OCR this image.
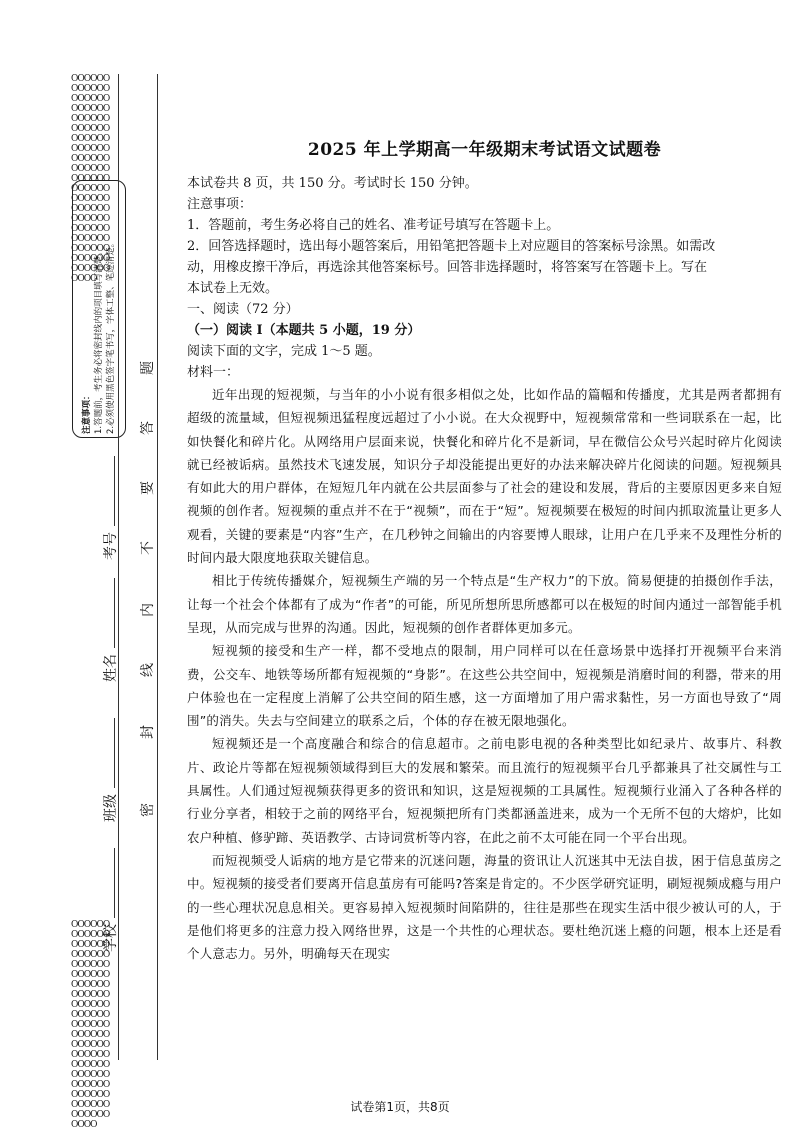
OOOOOOOOOOOOOOOOOOOOOOOOOOOOOOOOOOOOOOOOOOOOOOOOOOOOOOOOOOOOOOOOOOOOOOOOOOOOOOOOOOOOOOOOOOOOOOOOOOOOOOOOOOOOOOOOOOOOOOOOOOOO
注意事项： 1.答题前，考生务必将密封线内的项目填写清楚。 2.必须使用黑色签字笔书写，字体工整、笔迹清楚。
学校
班级
姓名
考号
密
封
线
内
不
要
答
题
OOOOOOOOOOOOOOOOOOOOOOOOOOOOOOOOOOOOOOOOOOOOOOOOOOOOOOOOOOOOOOOOOOOOOOOOOOOOOOOOOOOOOOOOOOOOOOOOOOOOOOOOOOOOOOOOOOOOOOOOOOOO
2025 年上学期高一年级期末考试语文试题卷

本试卷共 8 页，共 150 分。考试时长 150 分钟。

注意事项：

1．答题前，考生务必将自己的姓名、准考证号填写在答题卡上。

2．回答选择题时，选出每小题答案后，用铅笔把答题卡上对应题目的答案标号涂黑。如需改

动，用橡皮擦干净后，再选涂其他答案标号。回答非选择题时，将答案写在答题卡上。写在

本试卷上无效。

一、阅读（72 分）

（一）阅读 I（本题共 5 小题，19 分）

阅读下面的文字，完成 1～5 题。

材料一：

近年出现的短视频，与当年的小小说有很多相似之处，比如作品的篇幅和传播度，尤其是两者都拥有超级的流量域，但短视频迅猛程度远超过了小小说。在大众视野中，短视频常常和一些词联系在一起，比如快餐化和碎片化。从网络用户层面来说，快餐化和碎片化不是新词，早在微信公众号兴起时碎片化阅读就已经被诟病。虽然技术飞速发展，知识分子却没能提出更好的办法来解决碎片化阅读的问题。短视频具有如此大的用户群体，在短短几年内就在公共层面参与了社会的建设和发展，背后的主要原因更多来自短视频的创作者。短视频的重点并不在于“视频”，而在于“短”。短视频要在极短的时间内抓取流量让更多人观看，关键的要素是“内容”生产，在几秒钟之间输出的内容要博人眼球，让用户在几乎来不及理性分析的时间内最大限度地获取关键信息。

相比于传统传播媒介，短视频生产端的另一个特点是“生产权力”的下放。简易便捷的拍摄创作手法，让每一个社会个体都有了成为“作者”的可能，所见所想所思所感都可以在极短的时间内通过一部智能手机呈现，从而完成与世界的沟通。因此，短视频的创作者群体更加多元。

短视频的接受和生产一样，都不受地点的限制，用户同样可以在任意场景中选择打开视频平台来消费，公交车、地铁等场所都有短视频的“身影”。在这些公共空间中，短视频是消磨时间的利器，带来的用户体验也在一定程度上消解了公共空间的陌生感，这一方面增加了用户需求黏性，另一方面也导致了“周围”的消失。失去与空间建立的联系之后，个体的存在被无限地强化。

短视频还是一个高度融合和综合的信息超市。之前电影电视的各种类型比如纪录片、故事片、科教片、政论片等都在短视频领域得到巨大的发展和繁荣。而且流行的短视频平台几乎都兼具了社交属性与工具属性。人们通过短视频获得更多的资讯和知识，这是短视频的工具属性。短视频行业涌入了各种各样的行业分享者，相较于之前的网络平台，短视频把所有门类都涵盖进来，成为一个无所不包的大熔炉，比如农户种植、修驴蹄、英语教学、古诗词赏析等内容，在此之前不太可能在同一个平台出现。

而短视频受人诟病的地方是它带来的沉迷问题，海量的资讯让人沉迷其中无法自拔，困于信息茧房之中。短视频的接受者们要离开信息茧房有可能吗?答案是肯定的。不少医学研究证明，刷短视频成瘾与用户的一些心理状况息息相关。更容易掉入短视频时间陷阱的，往往是那些在现实生活中很少被认可的人，于是他们将更多的注意力投入网络世界，这是一个共性的心理状态。要杜绝沉迷上瘾的问题，根本上还是看个人意志力。另外，明确每天在现实

试卷第1页，共8页
